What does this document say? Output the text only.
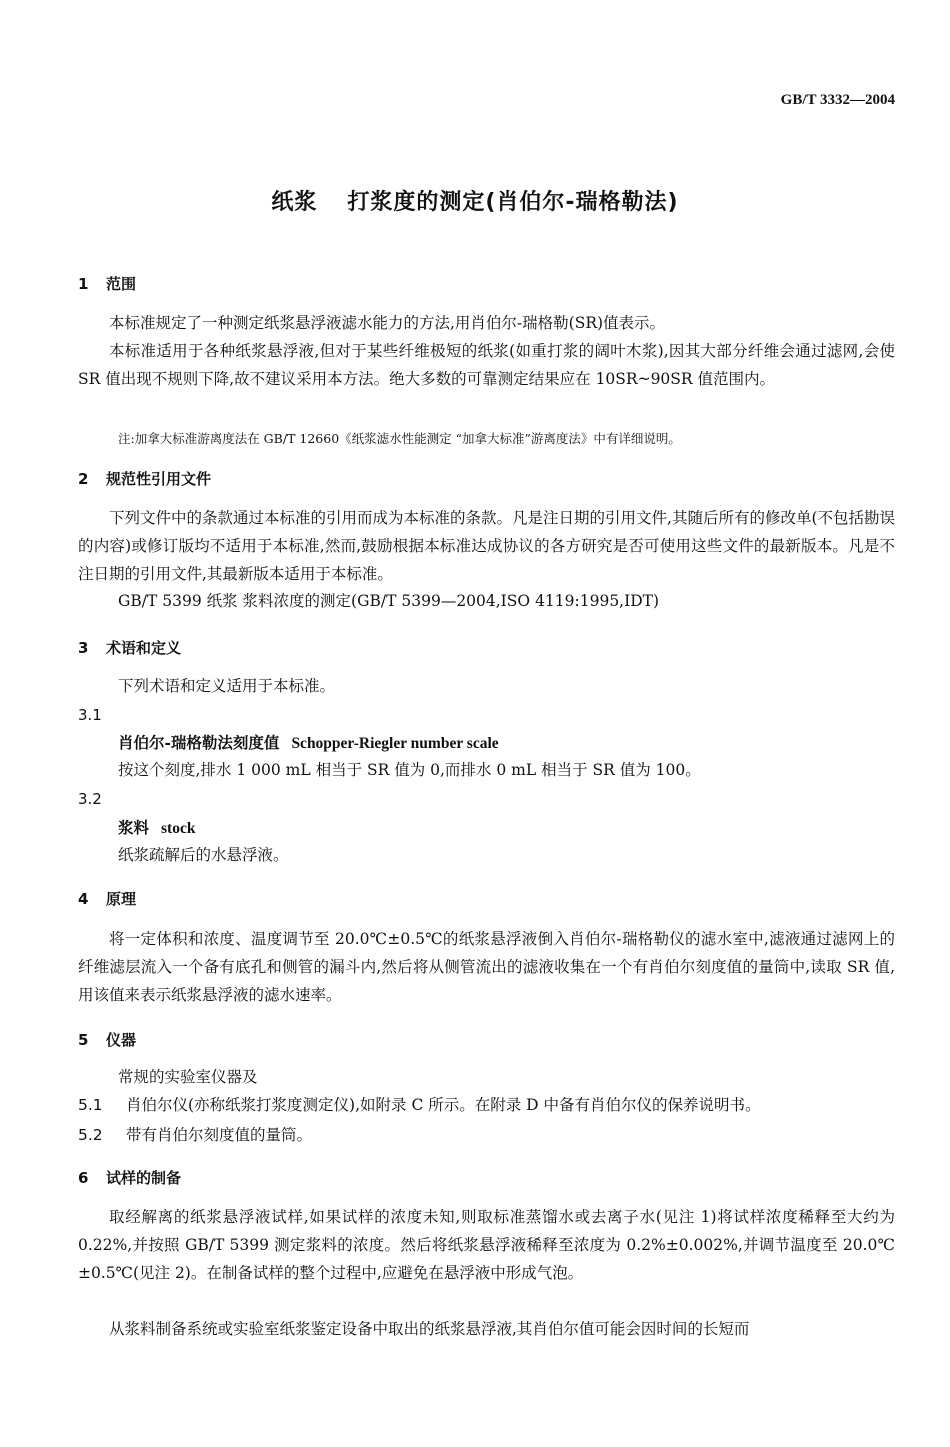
GB/T 3332—2004
纸浆 打浆度的测定(肖伯尔-瑞格勒法)
1 范围
本标准规定了一种测定纸浆悬浮液滤水能力的方法,用肖伯尔-瑞格勒(SR)值表示。
本标准适用于各种纸浆悬浮液,但对于某些纤维极短的纸浆(如重打浆的阔叶木浆),因其大部分纤维会通过滤网,会使 SR 值出现不规则下降,故不建议采用本方法。绝大多数的可靠测定结果应在 10SR~90SR 值范围内。
注:加拿大标准游离度法在 GB/T 12660《纸浆滤水性能测定 “加拿大标准”游离度法》中有详细说明。
2 规范性引用文件
下列文件中的条款通过本标准的引用而成为本标准的条款。凡是注日期的引用文件,其随后所有的修改单(不包括勘误的内容)或修订版均不适用于本标准,然而,鼓励根据本标准达成协议的各方研究是否可使用这些文件的最新版本。凡是不注日期的引用文件,其最新版本适用于本标准。
GB/T 5399 纸浆 浆料浓度的测定(GB/T 5399—2004,ISO 4119:1995,IDT)
3 术语和定义
下列术语和定义适用于本标准。
3.1
肖伯尔-瑞格勒法刻度值 Schopper-Riegler number scale
按这个刻度,排水 1 000 mL 相当于 SR 值为 0,而排水 0 mL 相当于 SR 值为 100。
3.2
浆料 stock
纸浆疏解后的水悬浮液。
4 原理
将一定体积和浓度、温度调节至 20.0℃±0.5℃的纸浆悬浮液倒入肖伯尔-瑞格勒仪的滤水室中,滤液通过滤网上的纤维滤层流入一个备有底孔和侧管的漏斗内,然后将从侧管流出的滤液收集在一个有肖伯尔刻度值的量筒中,读取 SR 值,用该值来表示纸浆悬浮液的滤水速率。
5 仪器
常规的实验室仪器及
5.1 肖伯尔仪(亦称纸浆打浆度测定仪),如附录 C 所示。在附录 D 中备有肖伯尔仪的保养说明书。
5.2 带有肖伯尔刻度值的量筒。
6 试样的制备
取经解离的纸浆悬浮液试样,如果试样的浓度未知,则取标准蒸馏水或去离子水(见注 1)将试样浓度稀释至大约为 0.22%,并按照 GB/T 5399 测定浆料的浓度。然后将纸浆悬浮液稀释至浓度为 0.2%±0.002%,并调节温度至 20.0℃±0.5℃(见注 2)。在制备试样的整个过程中,应避免在悬浮液中形成气泡。
从浆料制备系统或实验室纸浆鉴定设备中取出的纸浆悬浮液,其肖伯尔值可能会因时间的长短而
